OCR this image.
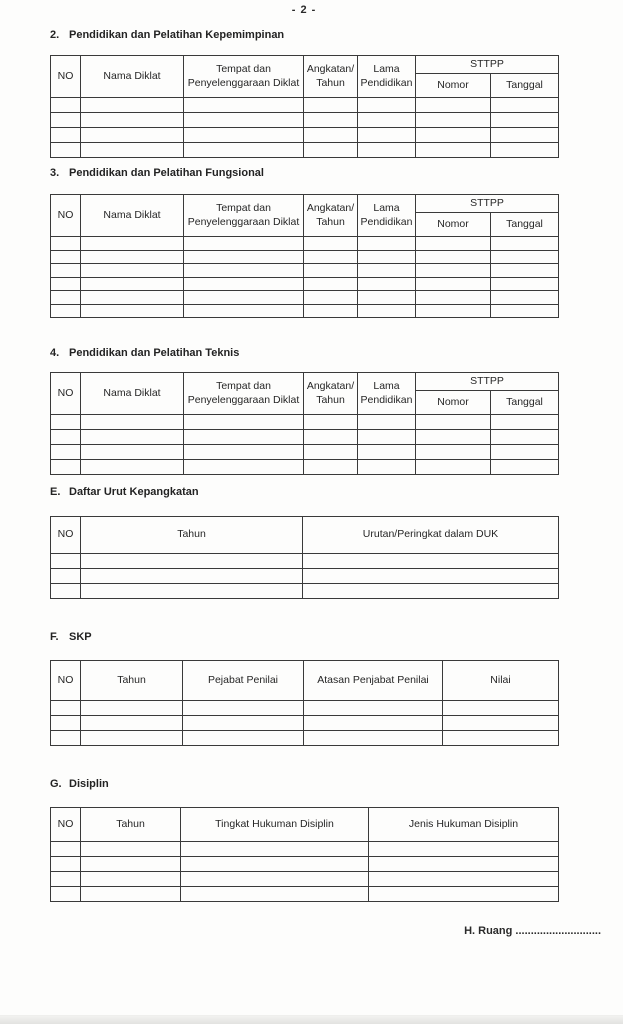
- 2 -
2. Pendidikan dan Pelatihan Kepemimpinan
NO	Nama Diklat	Tempat dan Penyelenggaraan Diklat	Angkatan/ Tahun	Lama Pendidikan	STTPP	
					Nomor	Tanggal

3. Pendidikan dan Pelatihan Fungsional
NO	Nama Diklat	Tempat dan Penyelenggaraan Diklat	Angkatan/ Tahun	Lama Pendidikan	STTPP	
					Nomor	Tanggal

4. Pendidikan dan Pelatihan Teknis
NO	Nama Diklat	Tempat dan Penyelenggaraan Diklat	Angkatan/ Tahun	Lama Pendidikan	STTPP	
					Nomor	Tanggal

E. Daftar Urut Kepangkatan
NO	Tahun	Urutan/Peringkat dalam DUK

F. SKP
NO	Tahun	Pejabat Penilai	Atasan Penjabat Penilai	Nilai

G. Disiplin
NO	Tahun	Tingkat Hukuman Disiplin	Jenis Hukuman Disiplin

H. Ruang ............................
